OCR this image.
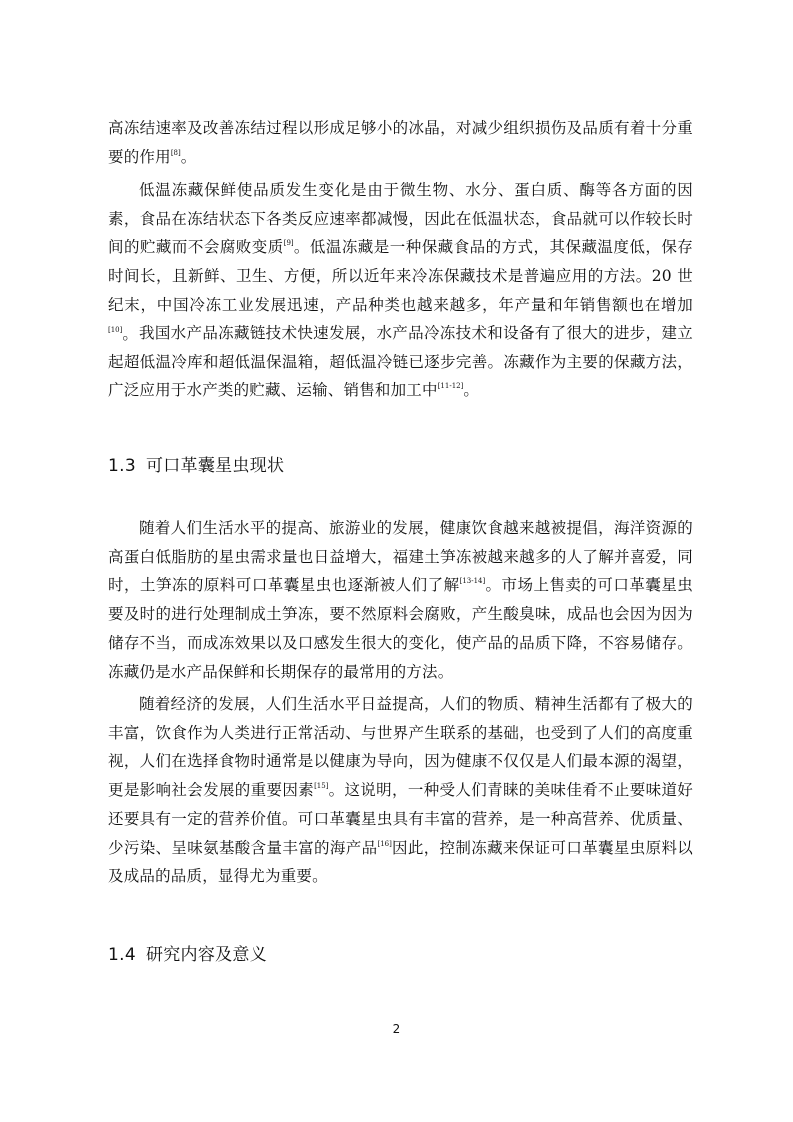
高冻结速率及改善冻结过程以形成足够小的冰晶，对减少组织损伤及品质有着十分重要的作用[8]。

低温冻藏保鲜使品质发生变化是由于微生物、水分、蛋白质、酶等各方面的因素，食品在冻结状态下各类反应速率都减慢，因此在低温状态，食品就可以作较长时间的贮藏而不会腐败变质[9]。低温冻藏是一种保藏食品的方式，其保藏温度低，保存时间长，且新鲜、卫生、方便，所以近年来冷冻保藏技术是普遍应用的方法。20 世纪末，中国冷冻工业发展迅速，产品种类也越来越多，年产量和年销售额也在增加[10]。 我国水产品冻藏链技术快速发展，水产品冷冻技术和设备有了很大的进步，建立起超低温冷库和超低温保温箱，超低温冷链已逐步完善。冻藏作为主要的保藏方法，广泛应用于水产类的贮藏、运输、销售和加工中[11-12]。

1.3 可口革囊星虫现状

随着人们生活水平的提高、旅游业的发展，健康饮食越来越被提倡，海洋资源的高蛋白低脂肪的星虫需求量也日益增大，福建土笋冻被越来越多的人了解并喜爱，同时，土笋冻的原料可口革囊星虫也逐渐被人们了解[13-14]。市场上售卖的可口革囊星虫要及时的进行处理制成土笋冻，要不然原料会腐败，产生酸臭味，成品也会因为因为储存不当，而成冻效果以及口感发生很大的变化，使产品的品质下降，不容易储存。冻藏仍是水产品保鲜和长期保存的最常用的方法。

随着经济的发展，人们生活水平日益提高，人们的物质、精神生活都有了极大的丰富，饮食作为人类进行正常活动、与世界产生联系的基础，也受到了人们的高度重视，人们在选择食物时通常是以健康为导向，因为健康不仅仅是人们最本源的渴望，更是影响社会发展的重要因素[15]。这说明，一种受人们青睐的美味佳肴不止要味道好还要具有一定的营养价值。可口革囊星虫具有丰富的营养，是一种高营养、优质量、少污染、呈味氨基酸含量丰富的海产品[16]因此，控制冻藏来保证可口革囊星虫原料以及成品的品质，显得尤为重要。

1.4 研究内容及意义
2
